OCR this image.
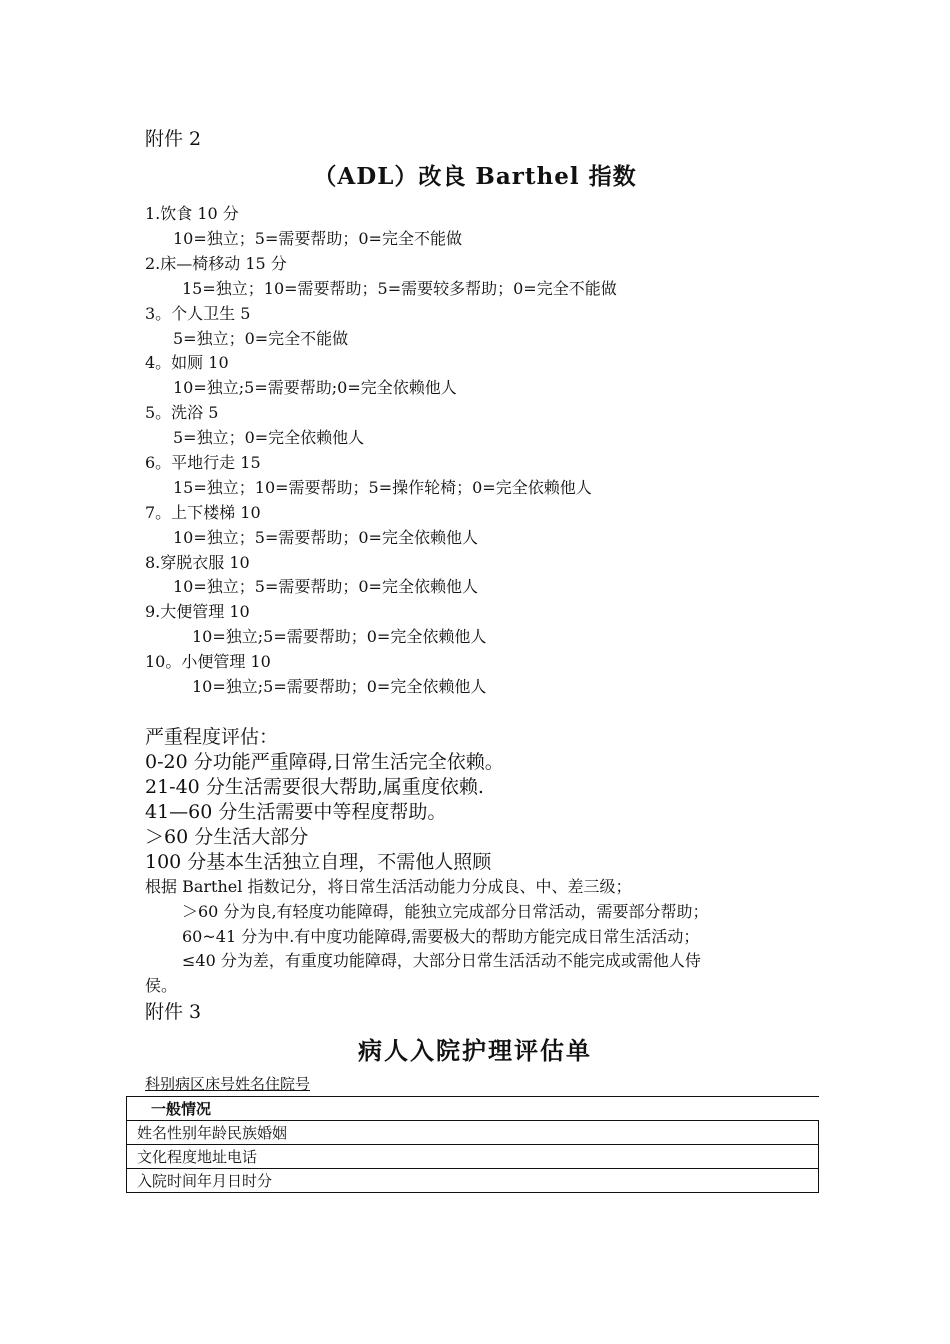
附件 2
（ADL）改良 Barthel 指数
1.饮食 10 分
10=独立；5=需要帮助；0=完全不能做
2.床—椅移动 15 分
15=独立；10=需要帮助；5=需要较多帮助；0=完全不能做
3。个人卫生 5
5=独立；0=完全不能做
4。如厕 10
10=独立;5=需要帮助;0=完全依赖他人
5。洗浴 5
5=独立；0=完全依赖他人
6。平地行走 15
15=独立；10=需要帮助；5=操作轮椅；0=完全依赖他人
7。上下楼梯 10
10=独立；5=需要帮助；0=完全依赖他人
8.穿脱衣服 10
10=独立；5=需要帮助；0=完全依赖他人
9.大便管理 10
10=独立;5=需要帮助；0=完全依赖他人
10。小便管理 10
10=独立;5=需要帮助；0=完全依赖他人
严重程度评估：
0-20 分功能严重障碍,日常生活完全依赖。
21-40 分生活需要很大帮助,属重度依赖.
41—60 分生活需要中等程度帮助。
＞60 分生活大部分
100 分基本生活独立自理，不需他人照顾
根据 Barthel 指数记分，将日常生活活动能力分成良、中、差三级；
＞60 分为良,有轻度功能障碍，能独立完成部分日常活动，需要部分帮助；
60~41 分为中.有中度功能障碍,需要极大的帮助方能完成日常生活活动；
≤40 分为差，有重度功能障碍，大部分日常生活活动不能完成或需他人侍
侯。
附件 3
病人入院护理评估单
科别病区床号姓名住院号
一般情况
姓名性别年龄民族婚姻
文化程度地址电话
入院时间年月日时分
